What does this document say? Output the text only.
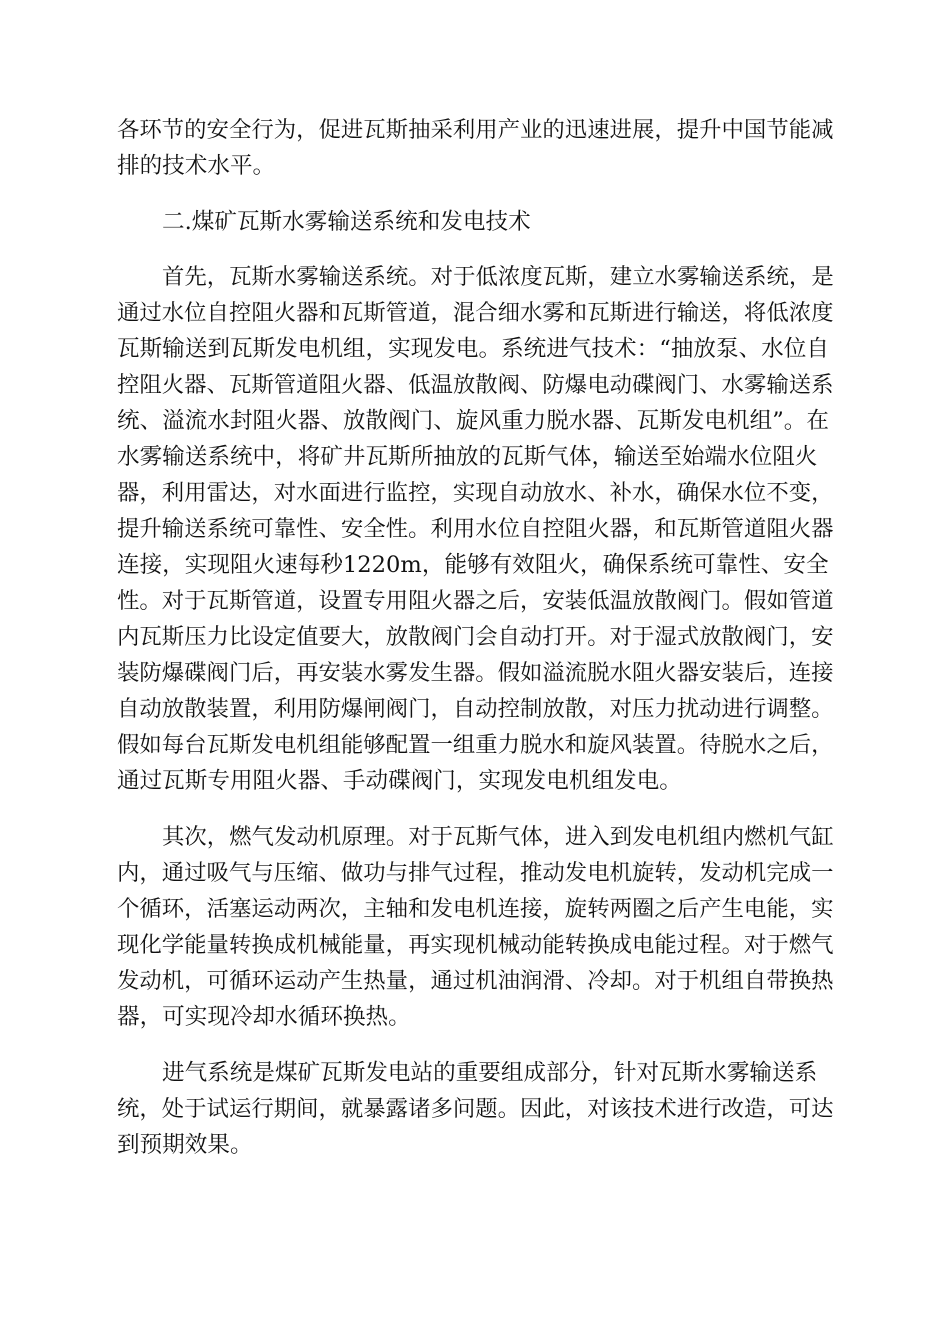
各环节的安全行为，促进瓦斯抽采利用产业的迅速进展，提升中国节能减
排的技术水平。
二.煤矿瓦斯水雾输送系统和发电技术
首先，瓦斯水雾输送系统。对于低浓度瓦斯，建立水雾输送系统，是
通过水位自控阻火器和瓦斯管道，混合细水雾和瓦斯进行输送，将低浓度
瓦斯输送到瓦斯发电机组，实现发电。系统进气技术：“抽放泵、水位自
控阻火器、瓦斯管道阻火器、低温放散阀、防爆电动碟阀门、水雾输送系
统、溢流水封阻火器、放散阀门、旋风重力脱水器、瓦斯发电机组”。在
水雾输送系统中，将矿井瓦斯所抽放的瓦斯气体，输送至始端水位阻火
器，利用雷达，对水面进行监控，实现自动放水、补水，确保水位不变，
提升输送系统可靠性、安全性。利用水位自控阻火器，和瓦斯管道阻火器
连接，实现阻火速每秒1220m，能够有效阻火，确保系统可靠性、安全
性。对于瓦斯管道，设置专用阻火器之后，安装低温放散阀门。假如管道
内瓦斯压力比设定值要大，放散阀门会自动打开。对于湿式放散阀门，安
装防爆碟阀门后，再安装水雾发生器。假如溢流脱水阻火器安装后，连接
自动放散装置，利用防爆闸阀门，自动控制放散，对压力扰动进行调整。
假如每台瓦斯发电机组能够配置一组重力脱水和旋风装置。待脱水之后，
通过瓦斯专用阻火器、手动碟阀门，实现发电机组发电。
其次，燃气发动机原理。对于瓦斯气体，进入到发电机组内燃机气缸
内，通过吸气与压缩、做功与排气过程，推动发电机旋转，发动机完成一
个循环，活塞运动两次，主轴和发电机连接，旋转两圈之后产生电能，实
现化学能量转换成机械能量，再实现机械动能转换成电能过程。对于燃气
发动机，可循环运动产生热量，通过机油润滑、冷却。对于机组自带换热
器，可实现冷却水循环换热。
进气系统是煤矿瓦斯发电站的重要组成部分，针对瓦斯水雾输送系
统，处于试运行期间，就暴露诸多问题。因此，对该技术进行改造，可达
到预期效果。
